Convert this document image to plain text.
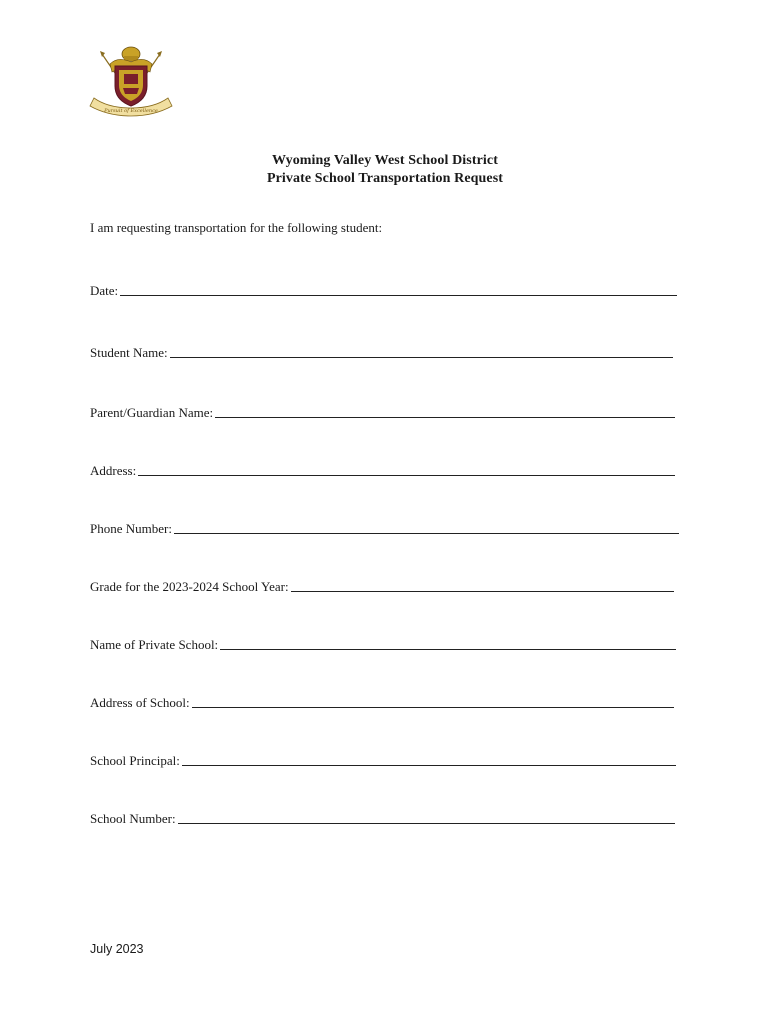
Pursuit of Excellence
Wyoming Valley West School District
Private School Transportation Request
I am requesting transportation for the following student:
Date:
Student Name:
Parent/Guardian Name:
Address:
Phone Number:
Grade for the 2023-2024 School Year:
Name of Private School:
Address of School:
School Principal:
School Number:
July 2023
